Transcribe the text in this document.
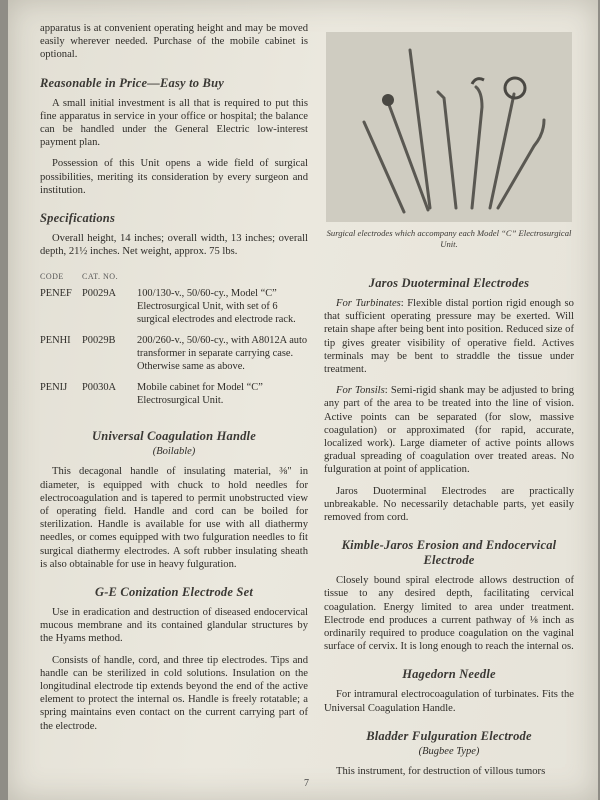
apparatus is at convenient operating height and may be moved easily wherever needed. Purchase of the mobile cabinet is optional.

Reasonable in Price—Easy to Buy

A small initial investment is all that is required to put this fine apparatus in service in your office or hospital; the balance can be handled under the General Electric low-interest payment plan.

Possession of this Unit opens a wide field of surgical possibilities, meriting its consideration by every surgeon and institution.

Specifications

Overall height, 14 inches; overall width, 13 inches; overall depth, 21½ inches. Net weight, approx. 75 lbs.

CODE	CAT. NO.	
PENEF	P0029A	100/130-v., 50/60-cy., Model “C” Electrosurgical Unit, with set of 6 surgical electrodes and electrode rack.
PENHI	P0029B	200/260-v., 50/60-cy., with A8012A auto transformer in separate carrying case. Otherwise same as above.
PENIJ	P0030A	Mobile cabinet for Model “C” Electrosurgical Unit.
Universal Coagulation Handle
(Boilable)

This decagonal handle of insulating material, ⅜" in diameter, is equipped with chuck to hold needles for electrocoagulation and is tapered to permit unobstructed view of operating field. Handle and cord can be boiled for sterilization. Handle is available for use with all diathermy needles, or comes equipped with two fulguration needles to fit surgical diathermy electrodes. A soft rubber insulating sheath is also obtainable for use in heavy fulguration.

G-E Conization Electrode Set

Use in eradication and destruction of diseased endocervical mucous membrane and its contained glandular structures by the Hyams method.

Consists of handle, cord, and three tip electrodes. Tips and handle can be sterilized in cold solutions. Insulation on the longitudinal electrode tip extends beyond the end of the active element to protect the internal os. Handle is freely rotatable; a spring maintains even contact on the current carrying part of the electrode.

Surgical electrodes which accompany each Model “C” Electrosurgical Unit.
Jaros Duoterminal Electrodes

For Turbinates: Flexible distal portion rigid enough so that sufficient operating pressure may be exerted. Will retain shape after being bent into position. Reduced size of tip gives greater visibility of operative field. Actives terminals may be bent to straddle the tissue under treatment.

For Tonsils: Semi-rigid shank may be adjusted to bring any part of the area to be treated into the line of vision. Active points can be separated (for slow, massive coagulation) or approximated (for rapid, accurate, localized work). Large diameter of active points allows gradual spreading of coagulation over treated areas. No fulguration at point of application.

Jaros Duoterminal Electrodes are practically unbreakable. No necessarily detachable parts, yet easily removed from cord.

Kimble-Jaros Erosion and Endocervical Electrode

Closely bound spiral electrode allows destruction of tissue to any desired depth, facilitating cervical coagulation. Energy limited to area under treatment. Electrode end produces a current pathway of ⅛ inch as ordinarily required to produce coagulation on the vaginal surface of cervix. It is long enough to reach the internal os.

Hagedorn Needle

For intramural electrocoagulation of turbinates. Fits the Universal Coagulation Handle.

Bladder Fulguration Electrode
(Bugbee Type)

This instrument, for destruction of villous tumors

7
